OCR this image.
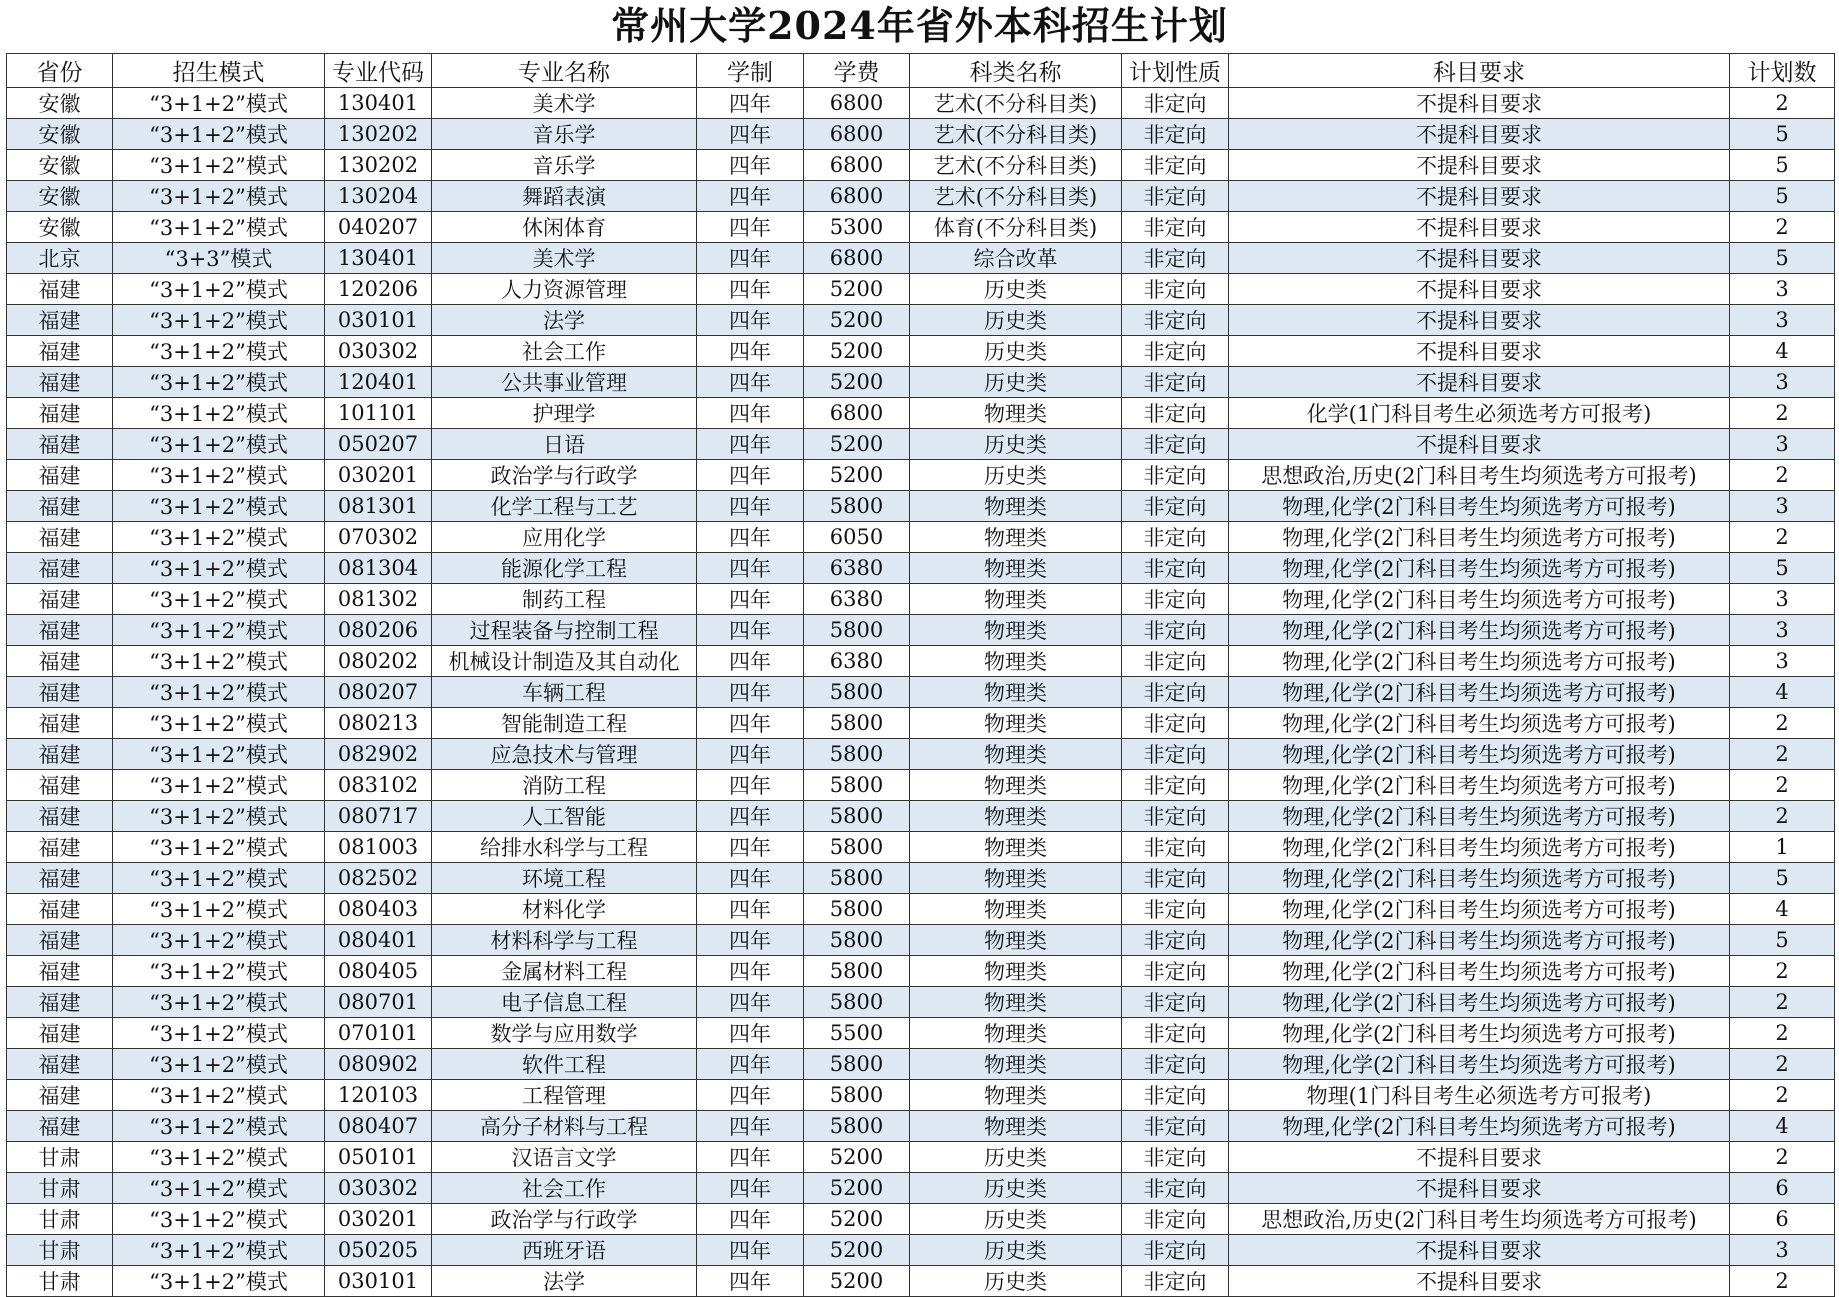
常州大学2024年省外本科招生计划
省份	招生模式	专业代码	专业名称	学制	学费	科类名称	计划性质	科目要求	计划数
安徽	“3+1+2”模式	130401	美术学	四年	6800	艺术(不分科目类)	非定向	不提科目要求	2
安徽	“3+1+2”模式	130202	音乐学	四年	6800	艺术(不分科目类)	非定向	不提科目要求	5
安徽	“3+1+2”模式	130202	音乐学	四年	6800	艺术(不分科目类)	非定向	不提科目要求	5
安徽	“3+1+2”模式	130204	舞蹈表演	四年	6800	艺术(不分科目类)	非定向	不提科目要求	5
安徽	“3+1+2”模式	040207	休闲体育	四年	5300	体育(不分科目类)	非定向	不提科目要求	2
北京	“3+3”模式	130401	美术学	四年	6800	综合改革	非定向	不提科目要求	5
福建	“3+1+2”模式	120206	人力资源管理	四年	5200	历史类	非定向	不提科目要求	3
福建	“3+1+2”模式	030101	法学	四年	5200	历史类	非定向	不提科目要求	3
福建	“3+1+2”模式	030302	社会工作	四年	5200	历史类	非定向	不提科目要求	4
福建	“3+1+2”模式	120401	公共事业管理	四年	5200	历史类	非定向	不提科目要求	3
福建	“3+1+2”模式	101101	护理学	四年	6800	物理类	非定向	化学(1门科目考生必须选考方可报考)	2
福建	“3+1+2”模式	050207	日语	四年	5200	历史类	非定向	不提科目要求	3
福建	“3+1+2”模式	030201	政治学与行政学	四年	5200	历史类	非定向	思想政治,历史(2门科目考生均须选考方可报考)	2
福建	“3+1+2”模式	081301	化学工程与工艺	四年	5800	物理类	非定向	物理,化学(2门科目考生均须选考方可报考)	3
福建	“3+1+2”模式	070302	应用化学	四年	6050	物理类	非定向	物理,化学(2门科目考生均须选考方可报考)	2
福建	“3+1+2”模式	081304	能源化学工程	四年	6380	物理类	非定向	物理,化学(2门科目考生均须选考方可报考)	5
福建	“3+1+2”模式	081302	制药工程	四年	6380	物理类	非定向	物理,化学(2门科目考生均须选考方可报考)	3
福建	“3+1+2”模式	080206	过程装备与控制工程	四年	5800	物理类	非定向	物理,化学(2门科目考生均须选考方可报考)	3
福建	“3+1+2”模式	080202	机械设计制造及其自动化	四年	6380	物理类	非定向	物理,化学(2门科目考生均须选考方可报考)	3
福建	“3+1+2”模式	080207	车辆工程	四年	5800	物理类	非定向	物理,化学(2门科目考生均须选考方可报考)	4
福建	“3+1+2”模式	080213	智能制造工程	四年	5800	物理类	非定向	物理,化学(2门科目考生均须选考方可报考)	2
福建	“3+1+2”模式	082902	应急技术与管理	四年	5800	物理类	非定向	物理,化学(2门科目考生均须选考方可报考)	2
福建	“3+1+2”模式	083102	消防工程	四年	5800	物理类	非定向	物理,化学(2门科目考生均须选考方可报考)	2
福建	“3+1+2”模式	080717	人工智能	四年	5800	物理类	非定向	物理,化学(2门科目考生均须选考方可报考)	2
福建	“3+1+2”模式	081003	给排水科学与工程	四年	5800	物理类	非定向	物理,化学(2门科目考生均须选考方可报考)	1
福建	“3+1+2”模式	082502	环境工程	四年	5800	物理类	非定向	物理,化学(2门科目考生均须选考方可报考)	5
福建	“3+1+2”模式	080403	材料化学	四年	5800	物理类	非定向	物理,化学(2门科目考生均须选考方可报考)	4
福建	“3+1+2”模式	080401	材料科学与工程	四年	5800	物理类	非定向	物理,化学(2门科目考生均须选考方可报考)	5
福建	“3+1+2”模式	080405	金属材料工程	四年	5800	物理类	非定向	物理,化学(2门科目考生均须选考方可报考)	2
福建	“3+1+2”模式	080701	电子信息工程	四年	5800	物理类	非定向	物理,化学(2门科目考生均须选考方可报考)	2
福建	“3+1+2”模式	070101	数学与应用数学	四年	5500	物理类	非定向	物理,化学(2门科目考生均须选考方可报考)	2
福建	“3+1+2”模式	080902	软件工程	四年	5800	物理类	非定向	物理,化学(2门科目考生均须选考方可报考)	2
福建	“3+1+2”模式	120103	工程管理	四年	5800	物理类	非定向	物理(1门科目考生必须选考方可报考)	2
福建	“3+1+2”模式	080407	高分子材料与工程	四年	5800	物理类	非定向	物理,化学(2门科目考生均须选考方可报考)	4
甘肃	“3+1+2”模式	050101	汉语言文学	四年	5200	历史类	非定向	不提科目要求	2
甘肃	“3+1+2”模式	030302	社会工作	四年	5200	历史类	非定向	不提科目要求	6
甘肃	“3+1+2”模式	030201	政治学与行政学	四年	5200	历史类	非定向	思想政治,历史(2门科目考生均须选考方可报考)	6
甘肃	“3+1+2”模式	050205	西班牙语	四年	5200	历史类	非定向	不提科目要求	3
甘肃	“3+1+2”模式	030101	法学	四年	5200	历史类	非定向	不提科目要求	2
